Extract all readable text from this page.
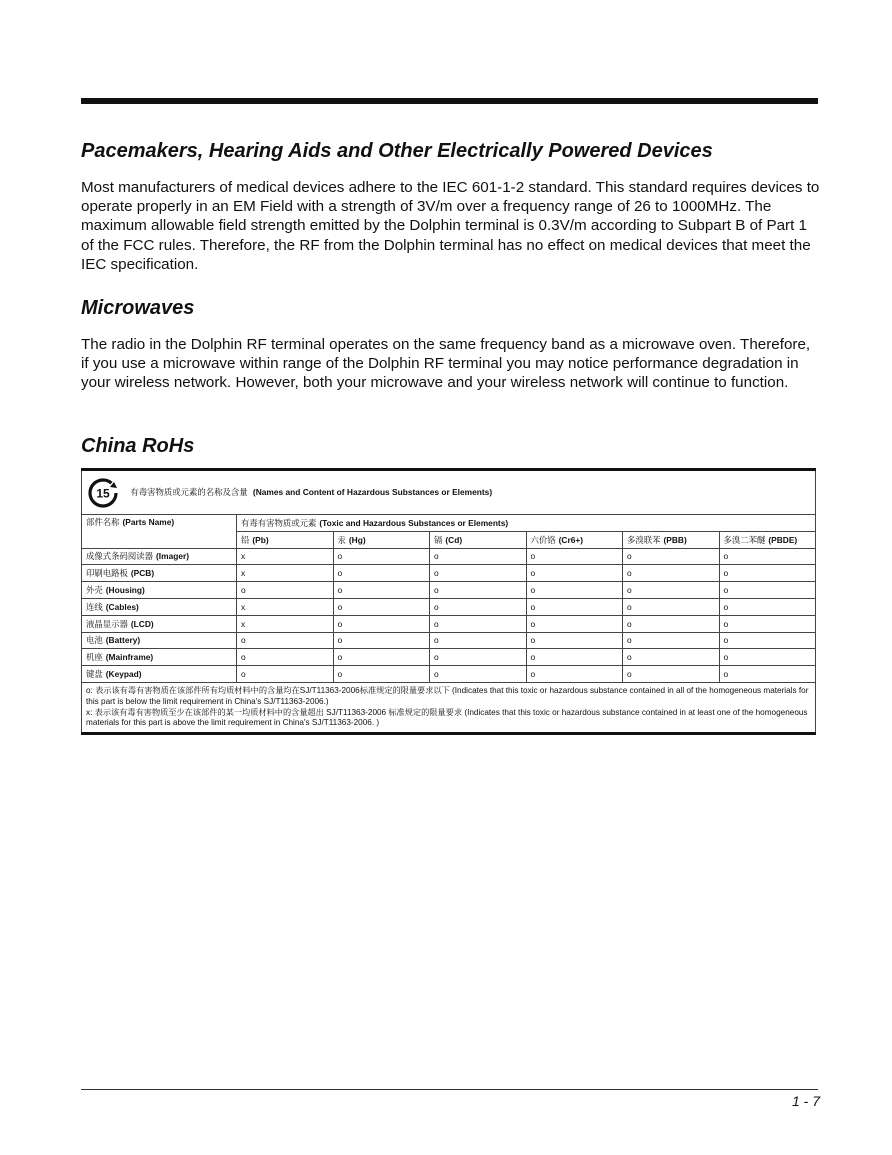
Pacemakers, Hearing Aids and Other Electrically Powered Devices

Most manufacturers of medical devices adhere to the IEC 601-1-2 standard. This standard requires devices to operate properly in an EM Field with a strength of 3V/m over a frequency range of 26 to 1000MHz. The maximum allowable field strength emitted by the Dolphin terminal is 0.3V/m according to Subpart B of Part 1 of the FCC rules. Therefore, the RF from the Dolphin terminal has no effect on medical devices that meet the IEC specification.

Microwaves

The radio in the Dolphin RF terminal operates on the same frequency band as a microwave oven. Therefore, if you use a microwave within range of the Dolphin RF terminal you may notice performance degradation in your wireless network. However, both your microwave and your wireless network will continue to function.

China RoHs
15 有毒害物质或元素的名称及含量 (Names and Content of Hazardous Substances or Elements)						
部件名称 (Parts Name)	有毒有害物质或元素 (Toxic and Hazardous Substances or Elements)					
	铅 (Pb)	汞 (Hg)	镉 (Cd)	六价铬 (Cr6+)	多溴联苯 (PBB)	多溴二苯醚 (PBDE)
成像式条码阅读器 (Imager)	x	o	o	o	o	o
印刷电路板 (PCB)	x	o	o	o	o	o
外壳 (Housing)	o	o	o	o	o	o
连线 (Cables)	x	o	o	o	o	o
液晶显示器 (LCD)	x	o	o	o	o	o
电池 (Battery)	o	o	o	o	o	o
机座 (Mainframe)	o	o	o	o	o	o
键盘 (Keypad)	o	o	o	o	o	o

o: 表示该有毒有害物质在该部件所有均质材料中的含量均在SJ/T11363-2006标准规定的限量要求以下 (Indicates that this toxic or hazardous substance contained in all of the homogeneous materials for this part is below the limit requirement in China's SJ/T11363-2006.)
x: 表示该有毒有害物质至少在该部件的某一均质材料中的含量超出 SJ/T11363-2006 标准规定的限量要求 (Indicates that this toxic or hazardous substance contained in at least one of the homogeneous materials for this part is above the limit requirement in China's SJ/T11363-2006. )						
1 - 7
